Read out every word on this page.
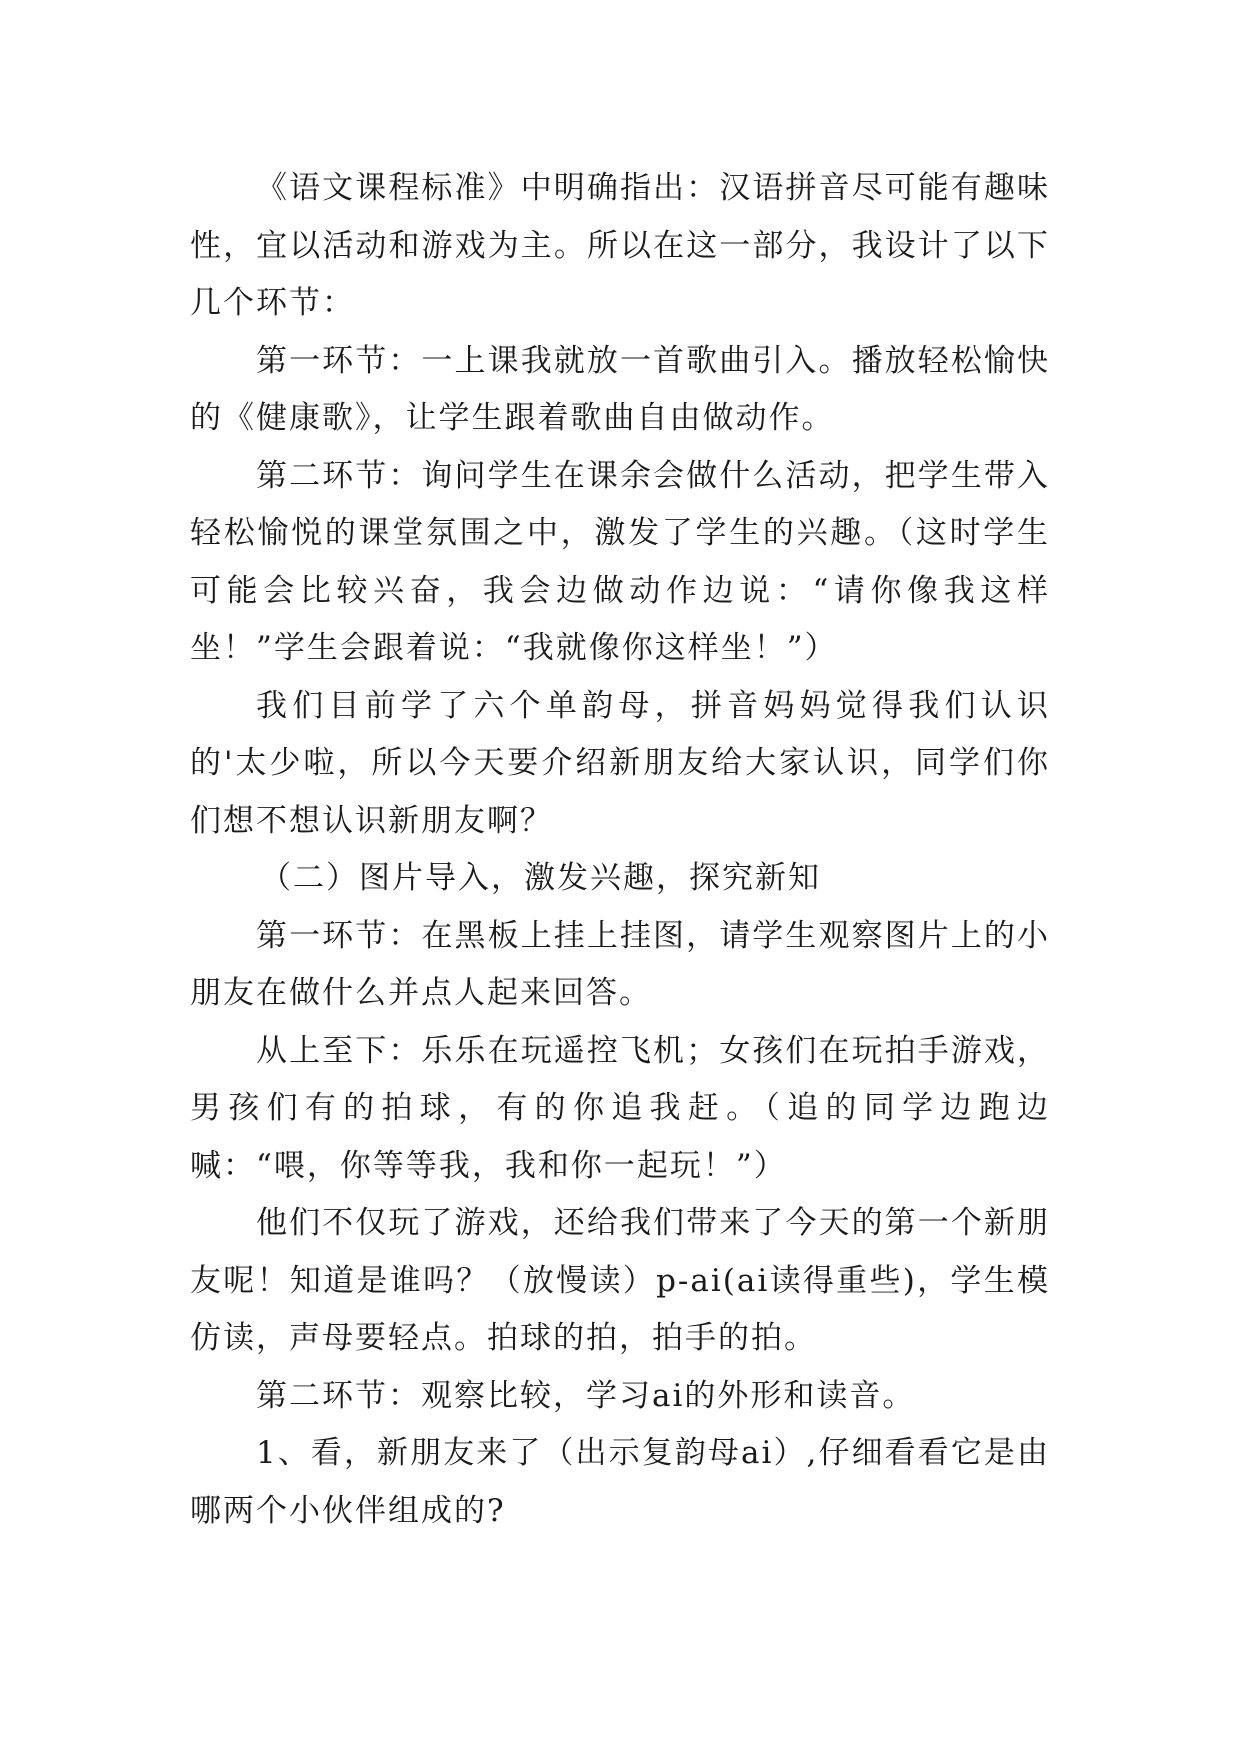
《语文课程标准》中明确指出：汉语拼音尽可能有趣味性，宜以活动和游戏为主。所以在这一部分，我设计了以下几个环节：

第一环节：一上课我就放一首歌曲引入。播放轻松愉快的《健康歌》，让学生跟着歌曲自由做动作。

第二环节：询问学生在课余会做什么活动，把学生带入轻松愉悦的课堂氛围之中，激发了学生的兴趣。（这时学生可能会比较兴奋，我会边做动作边说：“请你像我这样坐！”学生会跟着说：“我就像你这样坐！”）

我们目前学了六个单韵母，拼音妈妈觉得我们认识的'太少啦，所以今天要介绍新朋友给大家认识，同学们你们想不想认识新朋友啊？

（二）图片导入，激发兴趣，探究新知

第一环节：在黑板上挂上挂图，请学生观察图片上的小朋友在做什么并点人起来回答。

从上至下：乐乐在玩遥控飞机；女孩们在玩拍手游戏，男孩们有的拍球，有的你追我赶。（追的同学边跑边喊：“喂，你等等我，我和你一起玩！”）

他们不仅玩了游戏，还给我们带来了今天的第一个新朋友呢！知道是谁吗？（放慢读）p-ai(ai读得重些)，学生模仿读，声母要轻点。拍球的拍，拍手的拍。

第二环节：观察比较，学习ai的外形和读音。

1、看，新朋友来了（出示复韵母ai）,仔细看看它是由哪两个小伙伴组成的?
